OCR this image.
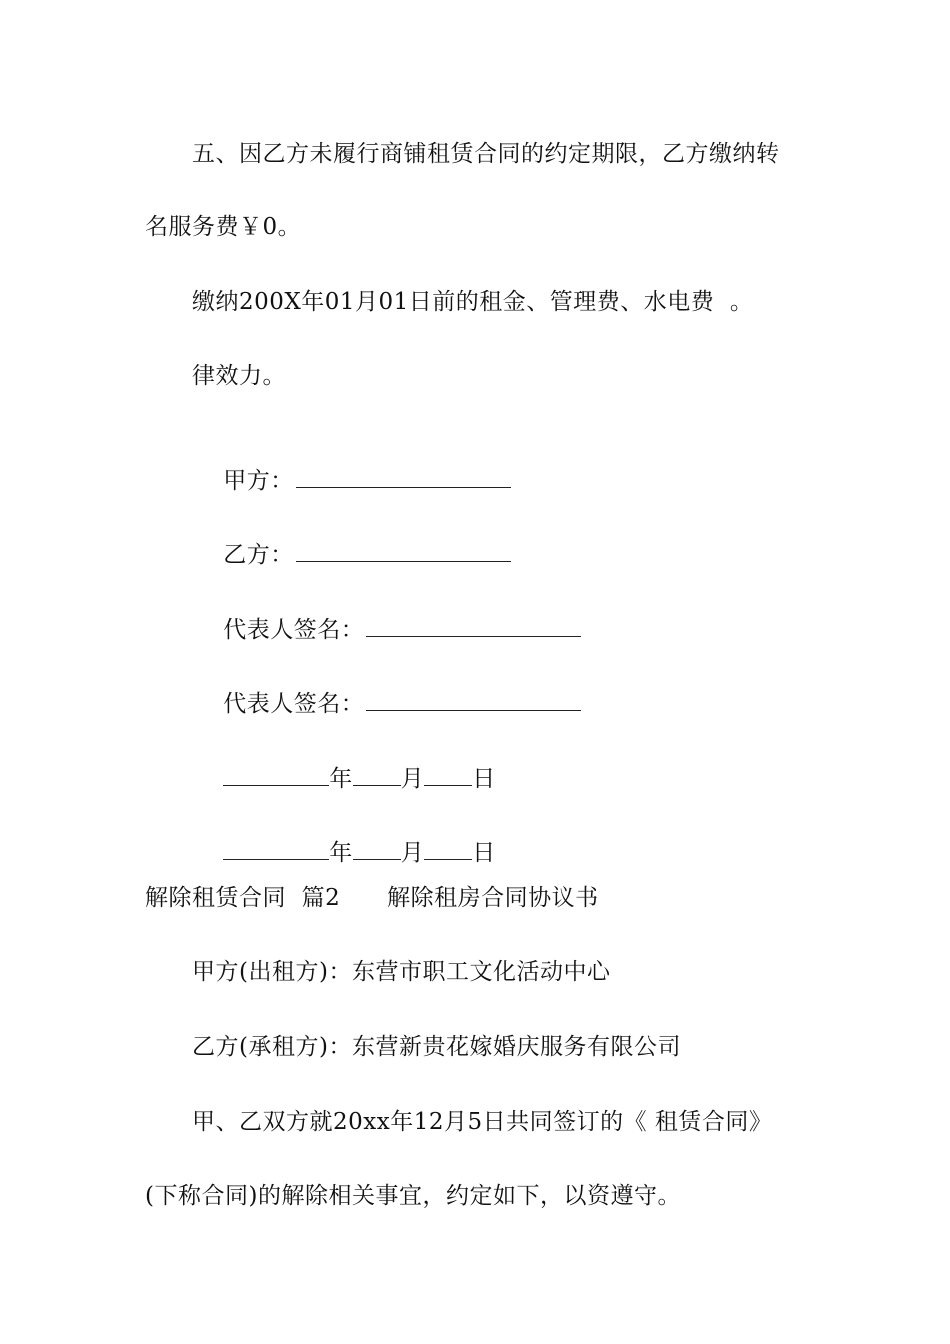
五、因乙方未履行商铺租赁合同的约定期限，乙方缴纳转
名服务费￥0。
缴纳200X年01月01日前的租金、管理费、水电费  。
律效力。

甲方：

乙方：

代表人签名：

代表人签名：

年 月 日

年 月 日

解除租赁合同  篇2      解除租房合同协议书
甲方(出租方)：东营市职工文化活动中心
乙方(承租方)：东营新贵花嫁婚庆服务有限公司
甲、乙双方就20xx年12月5日共同签订的《 租赁合同》
(下称合同)的解除相关事宜，约定如下，以资遵守。
